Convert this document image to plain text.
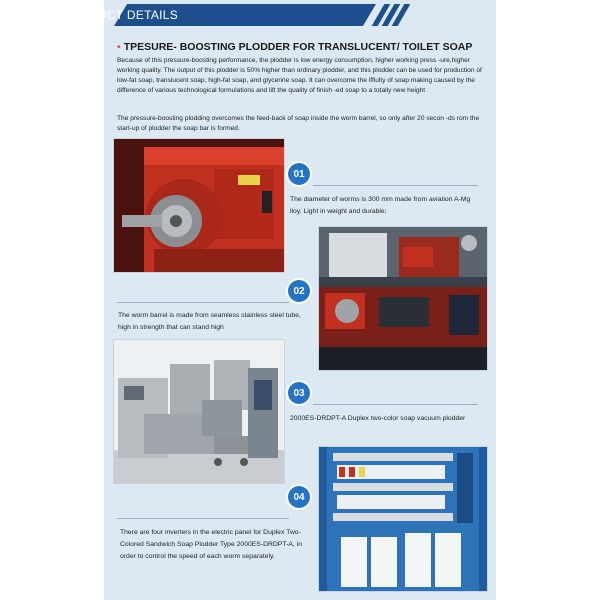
PRODUCT DETAILS
• TPESURE- BOOSTING PLODDER FOR TRANSLUCENT/ TOILET SOAP
Because of this pressure-boosting performance, the plodder is low energy consumption, higher working press -ure,higher working quality. The output of this plodder is 50% higher than ordinary plodder, and this plodder can be used for production of low-fat soap, translucent soap, high-fat soap, and glycerine soap. It can overcome the iffiulty of soap making caused by the difference of various technological formulations and lift the quality of finish -ed soap to a totally new height
The pressure-boosting plodding overcomes the feed-back of soap inside the worm barrel, so only after 20 secon -ds rom the start-up of plodder the soap bar is formed.
01
The diameter of worms is 300 mm made from aviation A-Mg lloy. Light in weight and durable;
02
The worm barrel is made from seamless stainless steel tube, high in strength that can stand high
03
2000ES-DRDPT-A Duplex two-color soap vacuum plodder
04
There are four inverters in the electric panel for Duplex Two-Colored Sandwich Soap Plodder Type 2000ES-DRDPT-A, in order to control the speed of each worm separately.
